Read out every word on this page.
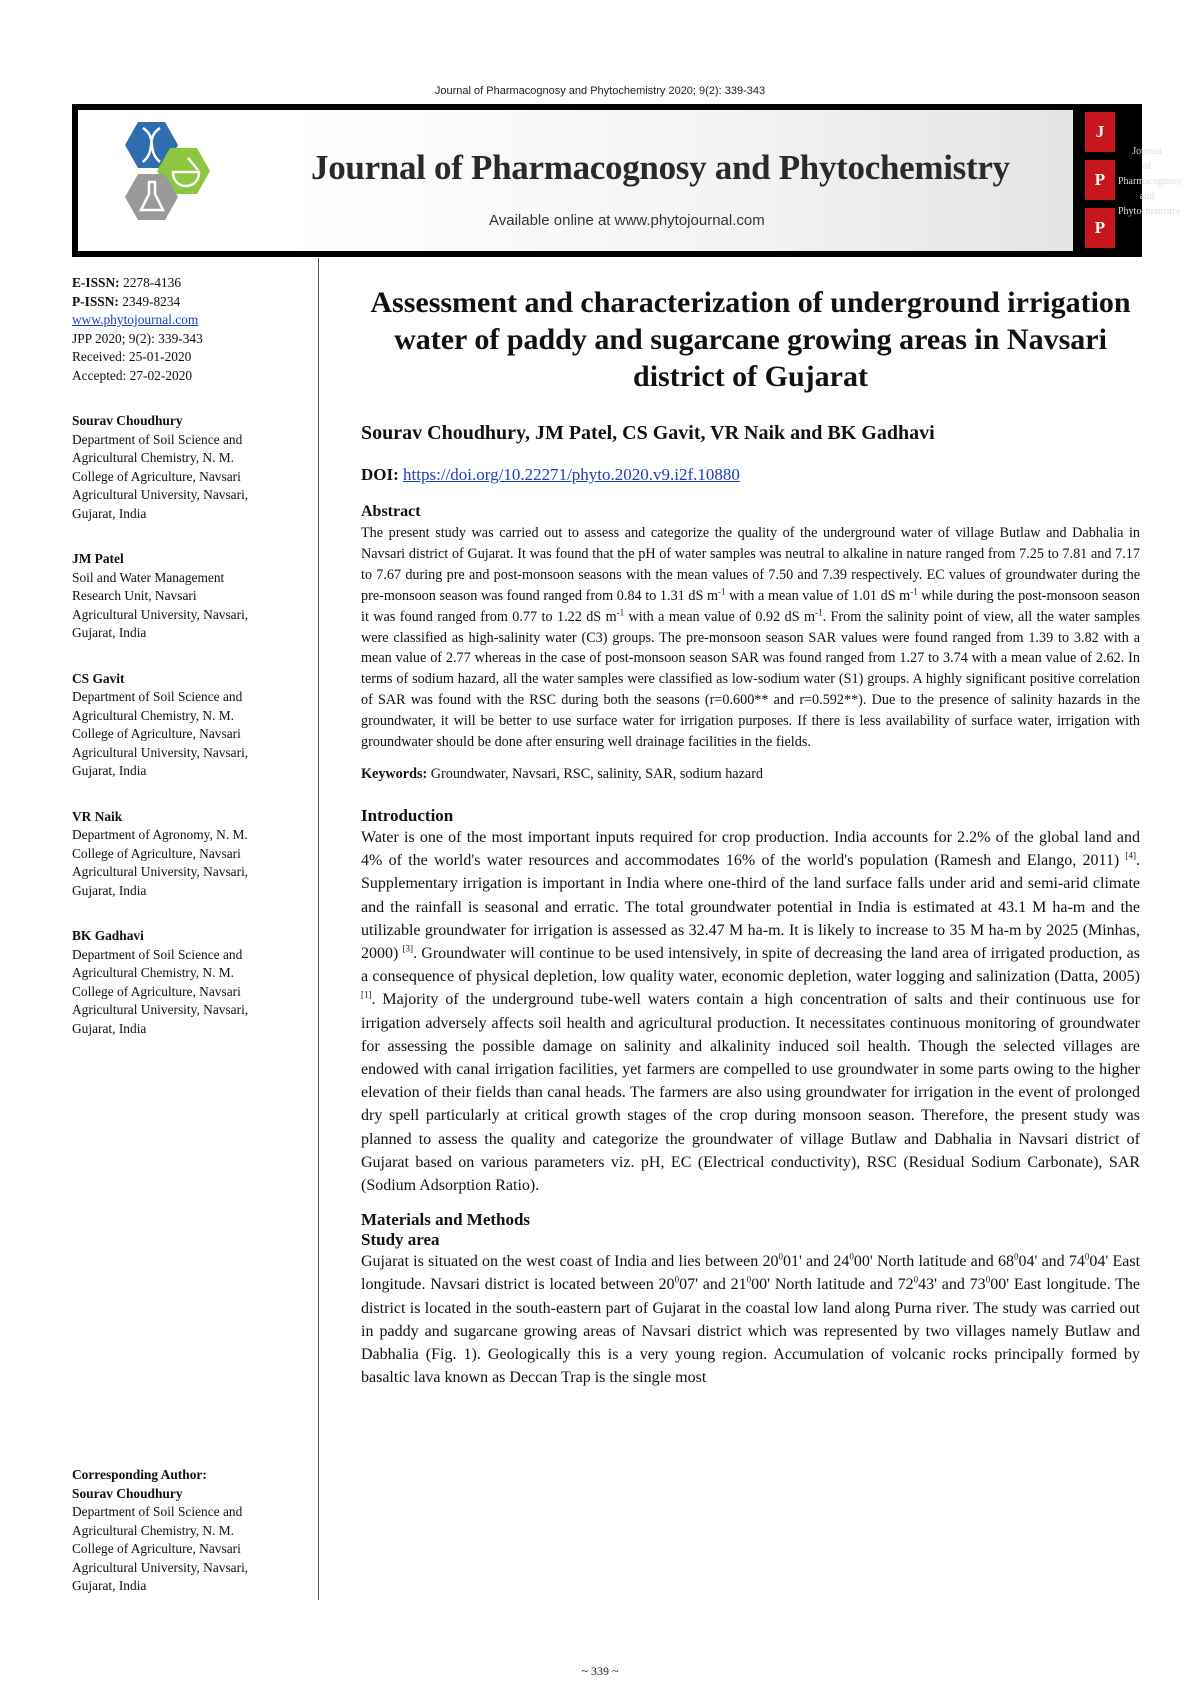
Journal of Pharmacognosy and Phytochemistry 2020; 9(2): 339-343
Journal of Pharmacognosy and Phytochemistry
Available online at www.phytojournal.com
J
P
P
Journal
of
Pharmacognosy
and
Phytochemistry
E-ISSN: 2278-4136
P-ISSN: 2349-8234
www.phytojournal.com
JPP 2020; 9(2): 339-343
Received: 25-01-2020
Accepted: 27-02-2020
Sourav Choudhury
Department of Soil Science and
Agricultural Chemistry, N. M.
College of Agriculture, Navsari
Agricultural University, Navsari,
Gujarat, India
JM Patel
Soil and Water Management
Research Unit, Navsari
Agricultural University, Navsari,
Gujarat, India
CS Gavit
Department of Soil Science and
Agricultural Chemistry, N. M.
College of Agriculture, Navsari
Agricultural University, Navsari,
Gujarat, India
VR Naik
Department of Agronomy, N. M.
College of Agriculture, Navsari
Agricultural University, Navsari,
Gujarat, India
BK Gadhavi
Department of Soil Science and
Agricultural Chemistry, N. M.
College of Agriculture, Navsari
Agricultural University, Navsari,
Gujarat, India
Corresponding Author:
Sourav Choudhury
Department of Soil Science and
Agricultural Chemistry, N. M.
College of Agriculture, Navsari
Agricultural University, Navsari,
Gujarat, India
Assessment and characterization of underground irrigation water of paddy and sugarcane growing areas in Navsari district of Gujarat
Sourav Choudhury, JM Patel, CS Gavit, VR Naik and BK Gadhavi
DOI: https://doi.org/10.22271/phyto.2020.v9.i2f.10880
Abstract
The present study was carried out to assess and categorize the quality of the underground water of village Butlaw and Dabhalia in Navsari district of Gujarat. It was found that the pH of water samples was neutral to alkaline in nature ranged from 7.25 to 7.81 and 7.17 to 7.67 during pre and post-monsoon seasons with the mean values of 7.50 and 7.39 respectively. EC values of groundwater during the pre-monsoon season was found ranged from 0.84 to 1.31 dS $m^{-1}$ with a mean value of 1.01 dS $m^{-1}$ while during the post-monsoon season it was found ranged from 0.77 to 1.22 dS $m^{-1}$ with a mean value of 0.92 dS $m^{-1}$. From the salinity point of view, all the water samples were classified as high-salinity water (C3) groups. The pre-monsoon season SAR values were found ranged from 1.39 to 3.82 with a mean value of 2.77 whereas in the case of post-monsoon season SAR was found ranged from 1.27 to 3.74 with a mean value of 2.62. In terms of sodium hazard, all the water samples were classified as low-sodium water (S1) groups. A highly significant positive correlation of SAR was found with the RSC during both the seasons (r=0.600** and r=0.592**). Due to the presence of salinity hazards in the groundwater, it will be better to use surface water for irrigation purposes. If there is less availability of surface water, irrigation with groundwater should be done after ensuring well drainage facilities in the fields.
Keywords: Groundwater, Navsari, RSC, salinity, SAR, sodium hazard
Introduction

Water is one of the most important inputs required for crop production. India accounts for 2.2% of the global land and 4% of the world's water resources and accommodates 16% of the world's population (Ramesh and Elango, 2011) [4]. Supplementary irrigation is important in India where one-third of the land surface falls under arid and semi-arid climate and the rainfall is seasonal and erratic. The total groundwater potential in India is estimated at 43.1 M ha-m and the utilizable groundwater for irrigation is assessed as 32.47 M ha-m. It is likely to increase to 35 M ha-m by 2025 (Minhas, 2000) [3]. Groundwater will continue to be used intensively, in spite of decreasing the land area of irrigated production, as a consequence of physical depletion, low quality water, economic depletion, water logging and salinization (Datta, 2005) [1]. Majority of the underground tube-well waters contain a high concentration of salts and their continuous use for irrigation adversely affects soil health and agricultural production. It necessitates continuous monitoring of groundwater for assessing the possible damage on salinity and alkalinity induced soil health. Though the selected villages are endowed with canal irrigation facilities, yet farmers are compelled to use groundwater in some parts owing to the higher elevation of their fields than canal heads. The farmers are also using groundwater for irrigation in the event of prolonged dry spell particularly at critical growth stages of the crop during monsoon season. Therefore, the present study was planned to assess the quality and categorize the groundwater of village Butlaw and Dabhalia in Navsari district of Gujarat based on various parameters viz. pH, EC (Electrical conductivity), RSC (Residual Sodium Carbonate), SAR (Sodium Adsorption Ratio).

Materials and Methods
Study area

Gujarat is situated on the west coast of India and lies between $20^001'$ and $24^000'$ North latitude and $68^004'$ and $74^004'$ East longitude. Navsari district is located between $20^007'$ and $21^000'$ North latitude and $72^043'$ and $73^000'$ East longitude. The district is located in the south-eastern part of Gujarat in the coastal low land along Purna river. The study was carried out in paddy and sugarcane growing areas of Navsari district which was represented by two villages namely Butlaw and Dabhalia (Fig. 1). Geologically this is a very young region. Accumulation of volcanic rocks principally formed by basaltic lava known as Deccan Trap is the single most

~ 339 ~
